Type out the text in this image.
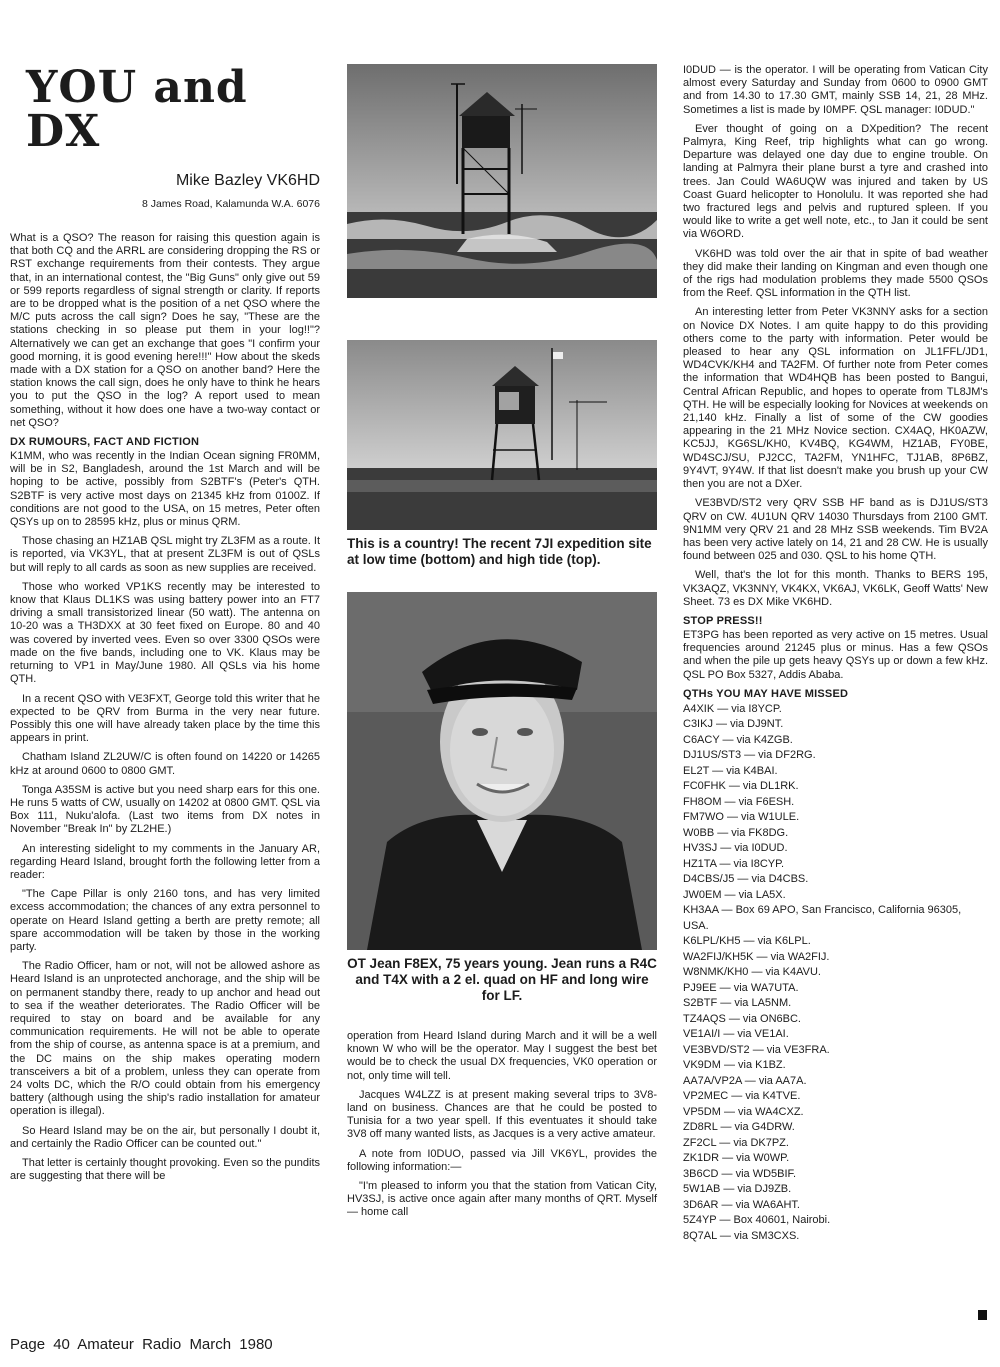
YOU and DX
Mike Bazley VK6HD
8 James Road, Kalamunda W.A. 6076

What is a QSO? The reason for raising this question again is that both CQ and the ARRL are considering dropping the RS or RST exchange requirements from their contests. They argue that, in an international contest, the "Big Guns" only give out 59 or 599 reports regardless of signal strength or clarity. If reports are to be dropped what is the position of a net QSO where the M/C puts across the call sign? Does he say, "These are the stations checking in so please put them in your log!!"? Alternatively we can get an exchange that goes "I confirm your good morning, it is good evening here!!!" How about the skeds made with a DX station for a QSO on another band? Here the station knows the call sign, does he only have to think he hears you to put the QSO in the log? A report used to mean something, without it how does one have a two-way contact or net QSO?

DX RUMOURS, FACT AND FICTION

K1MM, who was recently in the Indian Ocean signing FR0MM, will be in S2, Bangladesh, around the 1st March and will be hoping to be active, possibly from S2BTF's (Peter's QTH. S2BTF is very active most days on 21345 kHz from 0100Z. If conditions are not good to the USA, on 15 metres, Peter often QSYs up on to 28595 kHz, plus or minus QRM.

Those chasing an HZ1AB QSL might try ZL3FM as a route. It is reported, via VK3YL, that at present ZL3FM is out of QSLs but will reply to all cards as soon as new supplies are received.

Those who worked VP1KS recently may be interested to know that Klaus DL1KS was using battery power into an FT7 driving a small transistorized linear (50 watt). The antenna on 10-20 was a TH3DXX at 30 feet fixed on Europe. 80 and 40 was covered by inverted vees. Even so over 3300 QSOs were made on the five bands, including one to VK. Klaus may be returning to VP1 in May/June 1980. All QSLs via his home QTH.

In a recent QSO with VE3FXT, George told this writer that he expected to be QRV from Burma in the very near future. Possibly this one will have already taken place by the time this appears in print.

Chatham Island ZL2UW/C is often found on 14220 or 14265 kHz at around 0600 to 0800 GMT.

Tonga A35SM is active but you need sharp ears for this one. He runs 5 watts of CW, usually on 14202 at 0800 GMT. QSL via Box 111, Nuku'alofa. (Last two items from DX notes in November "Break In" by ZL2HE.)

An interesting sidelight to my comments in the January AR, regarding Heard Island, brought forth the following letter from a reader:

"The Cape Pillar is only 2160 tons, and has very limited excess accommodation; the chances of any extra personnel to operate on Heard Island getting a berth are pretty remote; all spare accommodation will be taken by those in the working party.

The Radio Officer, ham or not, will not be allowed ashore as Heard Island is an unprotected anchorage, and the ship will be on permanent standby there, ready to up anchor and head out to sea if the weather deteriorates. The Radio Officer will be required to stay on board and be available for any communication requirements. He will not be able to operate from the ship of course, as antenna space is at a premium, and the DC mains on the ship makes operating modern transceivers a bit of a problem, unless they can operate from 24 volts DC, which the R/O could obtain from his emergency battery (although using the ship's radio installation for amateur operation is illegal).

So Heard Island may be on the air, but personally I doubt it, and certainly the Radio Officer can be counted out."

That letter is certainly thought provoking. Even so the pundits are suggesting that there will be

This is a country! The recent 7JI expedition site at low time (bottom) and high tide (top).
OT Jean F8EX, 75 years young. Jean runs a R4C and T4X with a 2 el. quad on HF and long wire for LF.

operation from Heard Island during March and it will be a well known W who will be the operator. May I suggest the best bet would be to check the usual DX frequencies, VK0 operation or not, only time will tell.

Jacques W4LZZ is at present making several trips to 3V8-land on business. Chances are that he could be posted to Tunisia for a two year spell. If this eventuates it should take 3V8 off many wanted lists, as Jacques is a very active amateur.

A note from I0DUO, passed via Jill VK6YL, provides the following information:—

"I'm pleased to inform you that the station from Vatican City, HV3SJ, is active once again after many months of QRT. Myself — home call

I0DUD — is the operator. I will be operating from Vatican City almost every Saturday and Sunday from 0600 to 0900 GMT and from 14.30 to 17.30 GMT, mainly SSB 14, 21, 28 MHz. Sometimes a list is made by I0MPF. QSL manager: I0DUD."

Ever thought of going on a DXpedition? The recent Palmyra, King Reef, trip highlights what can go wrong. Departure was delayed one day due to engine trouble. On landing at Palmyra their plane burst a tyre and crashed into trees. Jan Could WA6UQW was injured and taken by US Coast Guard helicopter to Honolulu. It was reported she had two fractured legs and pelvis and ruptured spleen. If you would like to write a get well note, etc., to Jan it could be sent via W6ORD.

VK6HD was told over the air that in spite of bad weather they did make their landing on Kingman and even though one of the rigs had modulation problems they made 5500 QSOs from the Reef. QSL information in the QTH list.

An interesting letter from Peter VK3NNY asks for a section on Novice DX Notes. I am quite happy to do this providing others come to the party with information. Peter would be pleased to hear any QSL information on JL1FFL/JD1, WD4CVK/KH4 and TA2FM. Of further note from Peter comes the information that WD4HQB has been posted to Bangui, Central African Republic, and hopes to operate from TL8JM's QTH. He will be especially looking for Novices at weekends on 21,140 kHz. Finally a list of some of the CW goodies appearing in the 21 MHz Novice section. CX4AQ, HK0AZW, KC5JJ, KG6SL/KH0, KV4BQ, KG4WM, HZ1AB, FY0BE, WD4SCJ/SU, PJ2CC, TA2FM, YN1HFC, TJ1AB, 8P6BZ, 9Y4VT, 9Y4W. If that list doesn't make you brush up your CW then you are not a DXer.

VE3BVD/ST2 very QRV SSB HF band as is DJ1US/ST3 QRV on CW. 4U1UN QRV 14030 Thursdays from 2100 GMT. 9N1MM very QRV 21 and 28 MHz SSB weekends. Tim BV2A has been very active lately on 14, 21 and 28 CW. He is usually found between 025 and 030. QSL to his home QTH.

Well, that's the lot for this month. Thanks to BERS 195, VK3AQZ, VK3NNY, VK4KX, VK6AJ, VK6LK, Geoff Watts' New Sheet. 73 es DX Mike VK6HD.

STOP PRESS!!

ET3PG has been reported as very active on 15 metres. Usual frequencies around 21245 plus or minus. Has a few QSOs and when the pile up gets heavy QSYs up or down a few kHz. QSL PO Box 5327, Addis Ababa.

QTHs YOU MAY HAVE MISSED
A4XIK — via I8YCP.
C3IKJ — via DJ9NT.
C6ACY — via K4ZGB.
DJ1US/ST3 — via DF2RG.
EL2T — via K4BAI.
FC0FHK — via DL1RK.
FH8OM — via F6ESH.
FM7WO — via W1ULE.
W0BB — via FK8DG.
HV3SJ — via I0DUD.
HZ1TA — via I8CYP.
D4CBS/J5 — via D4CBS.
JW0EM — via LA5X.
KH3AA — Box 69 APO, San Francisco, California 96305, USA.
K6LPL/KH5 — via K6LPL.
WA2FIJ/KH5K — via WA2FIJ.
W8NMK/KH0 — via K4AVU.
PJ9EE — via WA7UTA.
S2BTF — via LA5NM.
TZ4AQS — via ON6BC.
VE1AI/I — via VE1AI.
VE3BVD/ST2 — via VE3FRA.
VK9DM — via K1BZ.
AA7A/VP2A — via AA7A.
VP2MEC — via K4TVE.
VP5DM — via WA4CXZ.
ZD8RL — via G4DRW.
ZF2CL — via DK7PZ.
ZK1DR — via W0WP.
3B6CD — via WD5BIF.
5W1AB — via DJ9ZB.
3D6AR — via WA6AHT.
5Z4YP — Box 40601, Nairobi.
8Q7AL — via SM3CXS.
Page 40 Amateur Radio March 1980
